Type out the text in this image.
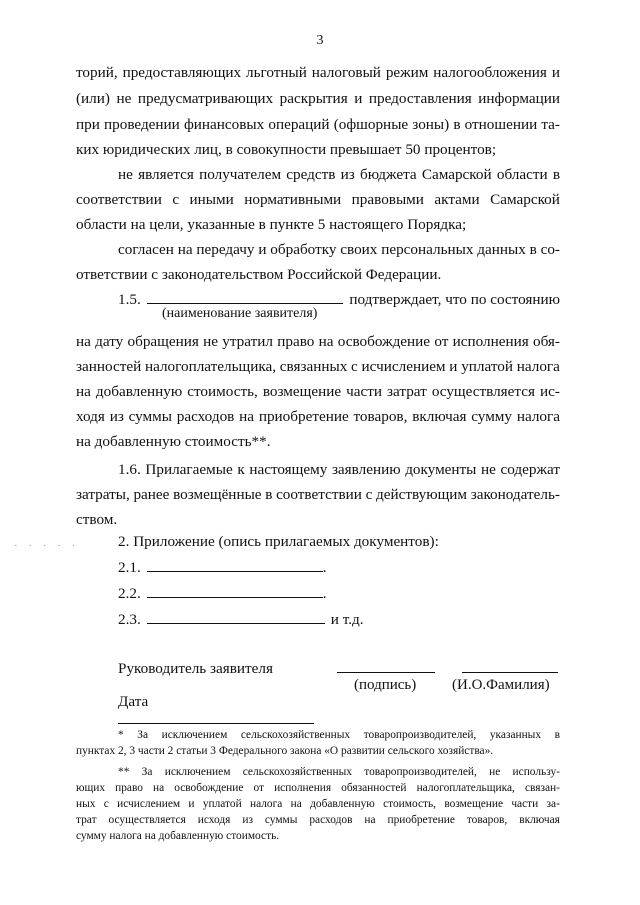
3
торий, предоставляющих льготный налоговый режим налогообложения и
(или) не предусматривающих раскрытия и предоставления информации
при проведении финансовых операций (офшорные зоны) в отношении та-
ких юридических лиц, в совокупности превышает 50 процентов;
не является получателем средств из бюджета Самарской области в
соответствии с иными нормативными правовыми актами Самарской
области на цели, указанные в пункте 5 настоящего Порядка;
согласен на передачу и обработку своих персональных данных в со-
ответствии с законодательством Российской Федерации.
1.5.	подтверждает, что по состоянию
(наименование заявителя)
на дату обращения не утратил право на освобождение от исполнения обя-
занностей налогоплательщика, связанных с исчислением и уплатой налога
на добавленную стоимость, возмещение части затрат осуществляется ис-
ходя из суммы расходов на приобретение товаров, включая сумму налога
на добавленную стоимость**.
1.6. Прилагаемые к настоящему заявлению документы не содержат
затраты, ранее возмещённые в соответствии с действующим законодатель-
ством.
· · · · ·	2. Приложение (опись прилагаемых документов):
2.1.	.
2.2.	.
2.3.	и т.д.
Руководитель заявителя
(подпись) (И.О.Фамилия)
Дата
* За исключением сельскохозяйственных товаропроизводителей, указанных в
пунктах 2, 3 части 2 статьи 3 Федерального закона «О развитии сельского хозяйства».
** За исключением сельскохозяйственных товаропроизводителей, не использу-
ющих право на освобождение от исполнения обязанностей налогоплательщика, связан-
ных с исчислением и уплатой налога на добавленную стоимость, возмещение части за-
трат осуществляется исходя из суммы расходов на приобретение товаров, включая
сумму налога на добавленную стоимость.
